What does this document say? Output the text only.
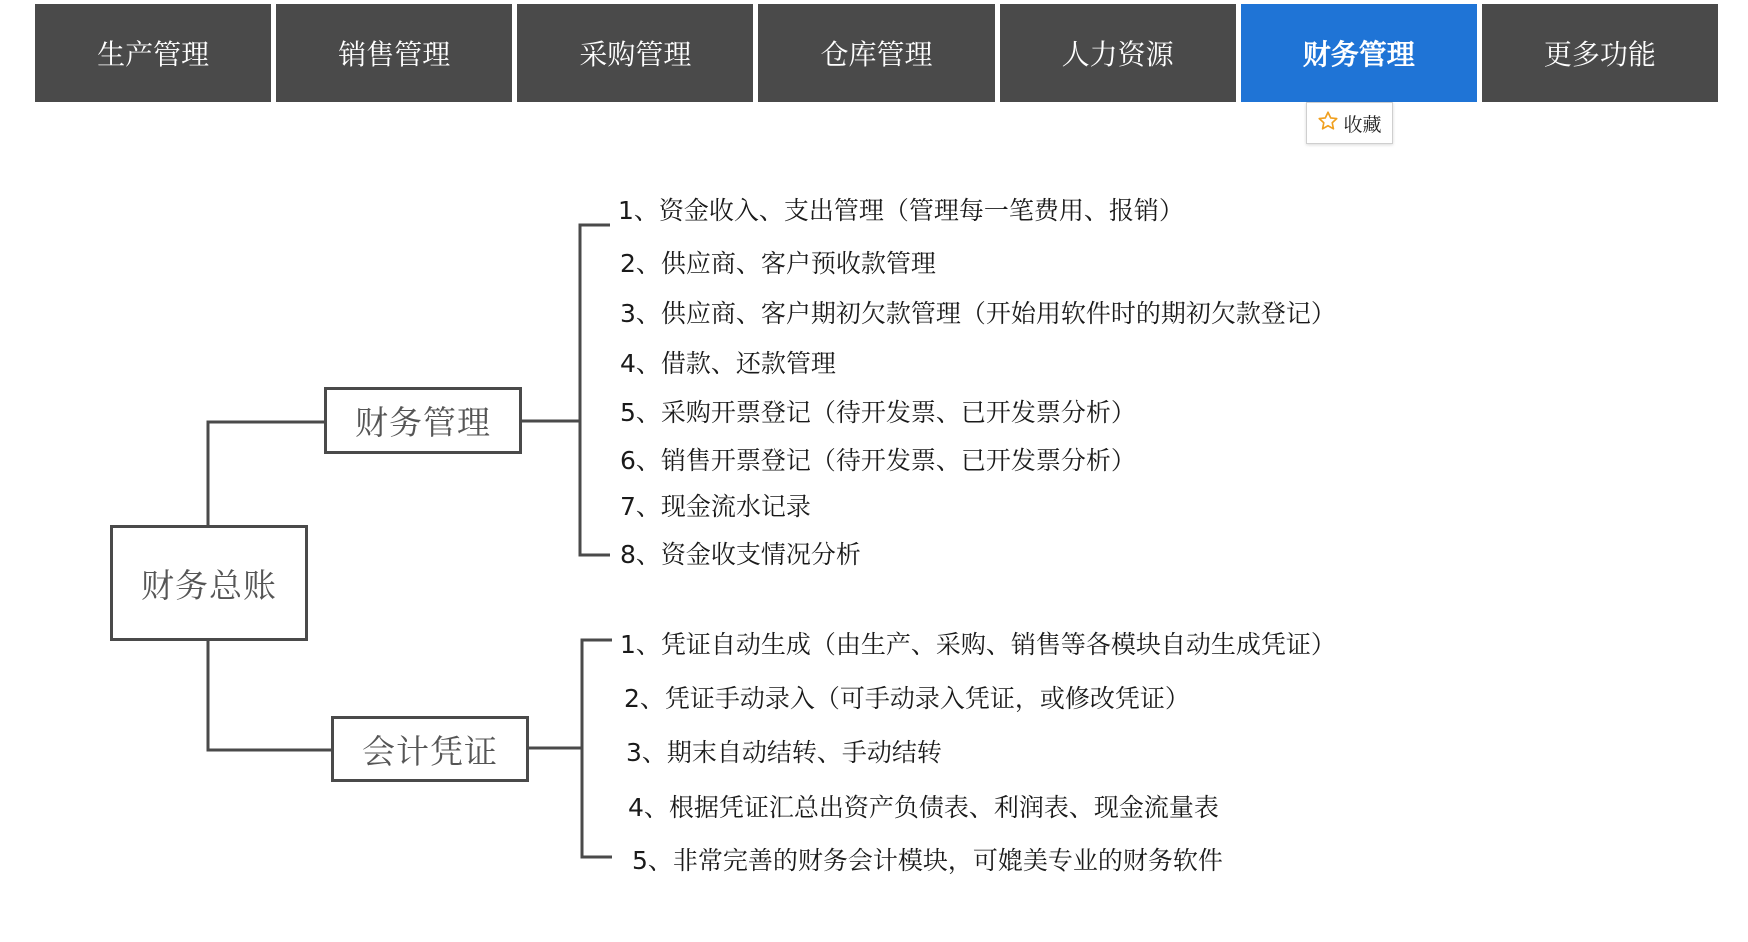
生产管理	销售管理	采购管理	仓库管理	人力资源	财务管理	更多功能
收藏
财务总账
财务管理
会计凭证
1、资金收入、支出管理（管理每一笔费用、报销）
2、供应商、客户预收款管理
3、供应商、客户期初欠款管理（开始用软件时的期初欠款登记）
4、借款、还款管理
5、采购开票登记（待开发票、已开发票分析）
6、销售开票登记（待开发票、已开发票分析）
7、现金流水记录
8、资金收支情况分析
1、凭证自动生成（由生产、采购、销售等各模块自动生成凭证）
2、凭证手动录入（可手动录入凭证，或修改凭证）
3、期末自动结转、手动结转
4、根据凭证汇总出资产负债表、利润表、现金流量表
5、非常完善的财务会计模块，可媲美专业的财务软件
